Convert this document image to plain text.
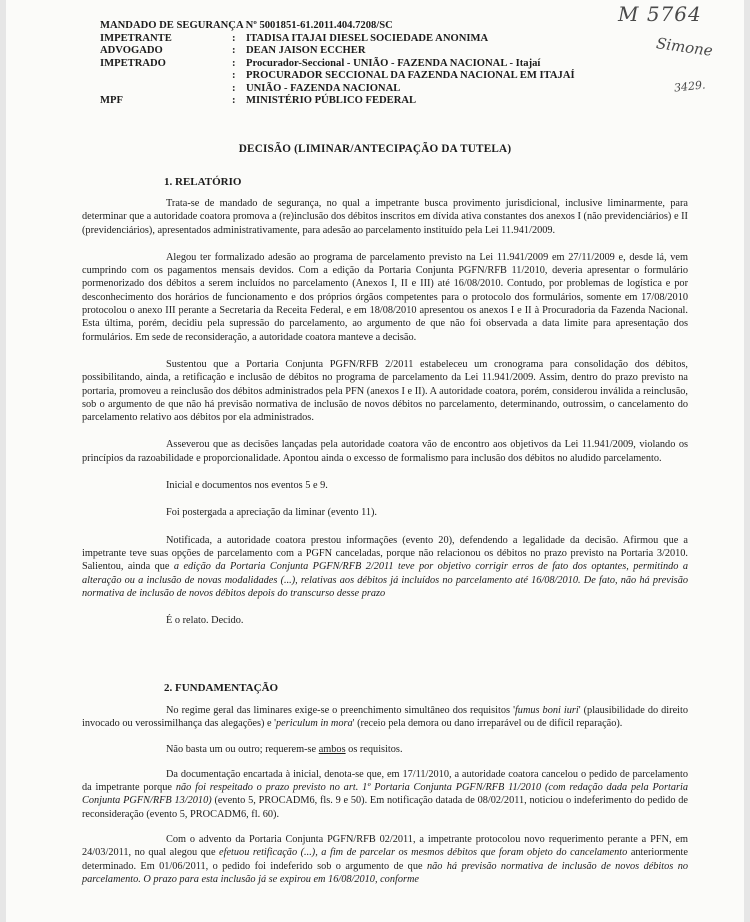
MANDADO DE SEGURANÇA Nº 5001851-61.2011.404.7208/SC
IMPETRANTE	: ITADISA ITAJAI DIESEL SOCIEDADE ANONIMA
ADVOGADO	: DEAN JAISON ECCHER
IMPETRADO	: Procurador-Seccional - UNIÃO - FAZENDA NACIONAL - Itajaí
: PROCURADOR SECCIONAL DA FAZENDA NACIONAL EM ITAJAÍ
: UNIÃO - FAZENDA NACIONAL
MPF	: MINISTÉRIO PÚBLICO FEDERAL
M 5764
Simone
3429.
DECISÃO (LIMINAR/ANTECIPAÇÃO DA TUTELA)
1. RELATÓRIO

Trata-se de mandado de segurança, no qual a impetrante busca provimento jurisdicional, inclusive liminarmente, para determinar que a autoridade coatora promova a (re)inclusão dos débitos inscritos em dívida ativa constantes dos anexos I (não previdenciários) e II (previdenciários), apresentados administrativamente, para adesão ao parcelamento instituído pela Lei 11.941/2009.

Alegou ter formalizado adesão ao programa de parcelamento previsto na Lei 11.941/2009 em 27/11/2009 e, desde lá, vem cumprindo com os pagamentos mensais devidos. Com a edição da Portaria Conjunta PGFN/RFB 11/2010, deveria apresentar o formulário pormenorizado dos débitos a serem incluídos no parcelamento (Anexos I, II e III) até 16/08/2010. Contudo, por problemas de logística e por desconhecimento dos horários de funcionamento e dos próprios órgãos competentes para o protocolo dos formulários, somente em 17/08/2010 protocolou o anexo III perante a Secretaria da Receita Federal, e em 18/08/2010 apresentou os anexos I e II à Procuradoria da Fazenda Nacional. Esta última, porém, decidiu pela supressão do parcelamento, ao argumento de que não foi observada a data limite para apresentação dos formulários. Em sede de reconsideração, a autoridade coatora manteve a decisão.

Sustentou que a Portaria Conjunta PGFN/RFB 2/2011 estabeleceu um cronograma para consolidação dos débitos, possibilitando, ainda, a retificação e inclusão de débitos no programa de parcelamento da Lei 11.941/2009. Assim, dentro do prazo previsto na portaria, promoveu a reinclusão dos débitos administrados pela PFN (anexos I e II). A autoridade coatora, porém, considerou inválida a reinclusão, sob o argumento de que não há previsão normativa de inclusão de novos débitos no parcelamento, determinando, outrossim, o cancelamento do parcelamento relativo aos débitos por ela administrados.

Asseverou que as decisões lançadas pela autoridade coatora vão de encontro aos objetivos da Lei 11.941/2009, violando os princípios da razoabilidade e proporcionalidade. Apontou ainda o excesso de formalismo para inclusão dos débitos no aludido parcelamento.

Inicial e documentos nos eventos 5 e 9.

Foi postergada a apreciação da liminar (evento 11).

Notificada, a autoridade coatora prestou informações (evento 20), defendendo a legalidade da decisão. Afirmou que a impetrante teve suas opções de parcelamento com a PGFN canceladas, porque não relacionou os débitos no prazo previsto na Portaria 3/2010. Salientou, ainda que a edição da Portaria Conjunta PGFN/RFB 2/2011 teve por objetivo corrigir erros de fato dos optantes, permitindo a alteração ou a inclusão de novas modalidades (...), relativas aos débitos já incluídos no parcelamento até 16/08/2010. De fato, não há previsão normativa de inclusão de novos débitos depois do transcurso desse prazo

É o relato. Decido.

2. FUNDAMENTAÇÃO

No regime geral das liminares exige-se o preenchimento simultâneo dos requisitos 'fumus boni iuri' (plausibilidade do direito invocado ou verossimilhança das alegações) e 'periculum in mora' (receio pela demora ou dano irreparável ou de difícil reparação).

Não basta um ou outro; requerem-se ambos os requisitos.

Da documentação encartada à inicial, denota-se que, em 17/11/2010, a autoridade coatora cancelou o pedido de parcelamento da impetrante porque não foi respeitado o prazo previsto no art. 1º Portaria Conjunta PGFN/RFB 11/2010 (com redação dada pela Portaria Conjunta PGFN/RFB 13/2010) (evento 5, PROCADM6, fls. 9 e 50). Em notificação datada de 08/02/2011, noticiou o indeferimento do pedido de reconsideração (evento 5, PROCADM6, fl. 60).

Com o advento da Portaria Conjunta PGFN/RFB 02/2011, a impetrante protocolou novo requerimento perante a PFN, em 24/03/2011, no qual alegou que efetuou retificação (...), a fim de parcelar os mesmos débitos que foram objeto do cancelamento anteriormente determinado. Em 01/06/2011, o pedido foi indeferido sob o argumento de que não há previsão normativa de inclusão de novos débitos no parcelamento. O prazo para esta inclusão já se expirou em 16/08/2010, conforme
